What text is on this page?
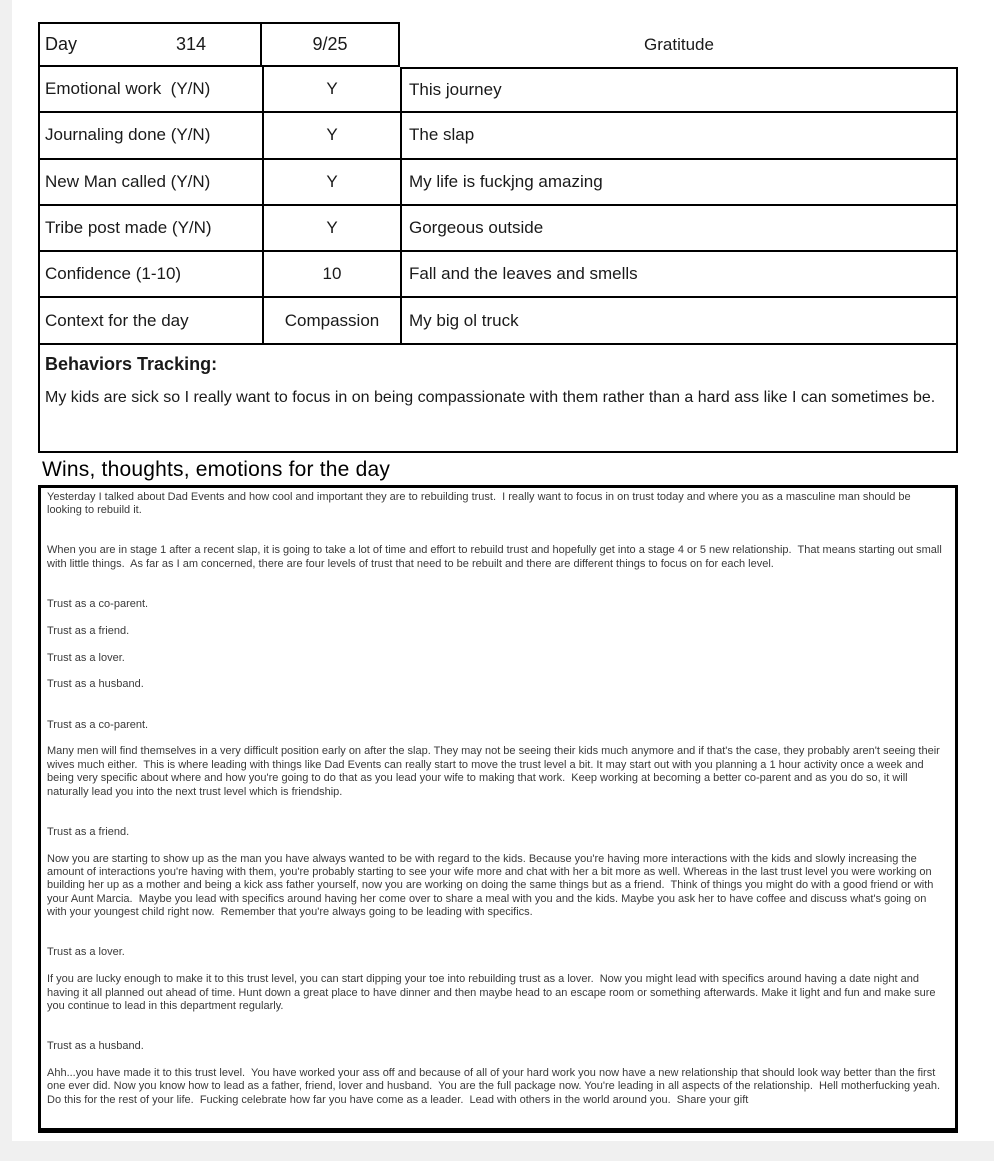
Day	314	9/25	Gratitude
Emotional work  (Y/N)	Y	This journey
Journaling done (Y/N)	Y	The slap
New Man called (Y/N)	Y	My life is fuckjng amazing
Tribe post made (Y/N)	Y	Gorgeous outside
Confidence (1-10)	10	Fall and the leaves and smells
Context for the day	Compassion	My big ol truck
Behaviors Tracking:
My kids are sick so I really want to focus in on being compassionate with them rather than a hard ass like I can sometimes be.
Wins, thoughts, emotions for the day
Yesterday I talked about Dad Events and how cool and important they are to rebuilding trust.  I really want to focus in on trust today and where you as a masculine man should be looking to rebuild it.
When you are in stage 1 after a recent slap, it is going to take a lot of time and effort to rebuild trust and hopefully get into a stage 4 or 5 new relationship.  That means starting out small with little things.  As far as I am concerned, there are four levels of trust that need to be rebuilt and there are different things to focus on for each level.
Trust as a co-parent.
Trust as a friend.
Trust as a lover.
Trust as a husband.
Trust as a co-parent.
Many men will find themselves in a very difficult position early on after the slap. They may not be seeing their kids much anymore and if that's the case, they probably aren't seeing their wives much either.  This is where leading with things like Dad Events can really start to move the trust level a bit. It may start out with you planning a 1 hour activity once a week and being very specific about where and how you're going to do that as you lead your wife to making that work.  Keep working at becoming a better co-parent and as you do so, it will naturally lead you into the next trust level which is friendship.
Trust as a friend.
Now you are starting to show up as the man you have always wanted to be with regard to the kids. Because you're having more interactions with the kids and slowly increasing the amount of interactions you're having with them, you're probably starting to see your wife more and chat with her a bit more as well. Whereas in the last trust level you were working on building her up as a mother and being a kick ass father yourself, now you are working on doing the same things but as a friend.  Think of things you might do with a good friend or with your Aunt Marcia.  Maybe you lead with specifics around having her come over to share a meal with you and the kids. Maybe you ask her to have coffee and discuss what's going on with your youngest child right now.  Remember that you're always going to be leading with specifics.
Trust as a lover.
If you are lucky enough to make it to this trust level, you can start dipping your toe into rebuilding trust as a lover.  Now you might lead with specifics around having a date night and having it all planned out ahead of time. Hunt down a great place to have dinner and then maybe head to an escape room or something afterwards. Make it light and fun and make sure you continue to lead in this department regularly.
Trust as a husband.
Ahh...you have made it to this trust level.  You have worked your ass off and because of all of your hard work you now have a new relationship that should look way better than the first one ever did. Now you know how to lead as a father, friend, lover and husband.  You are the full package now. You're leading in all aspects of the relationship.  Hell motherfucking yeah.  Do this for the rest of your life.  Fucking celebrate how far you have come as a leader.  Lead with others in the world around you.  Share your gift
